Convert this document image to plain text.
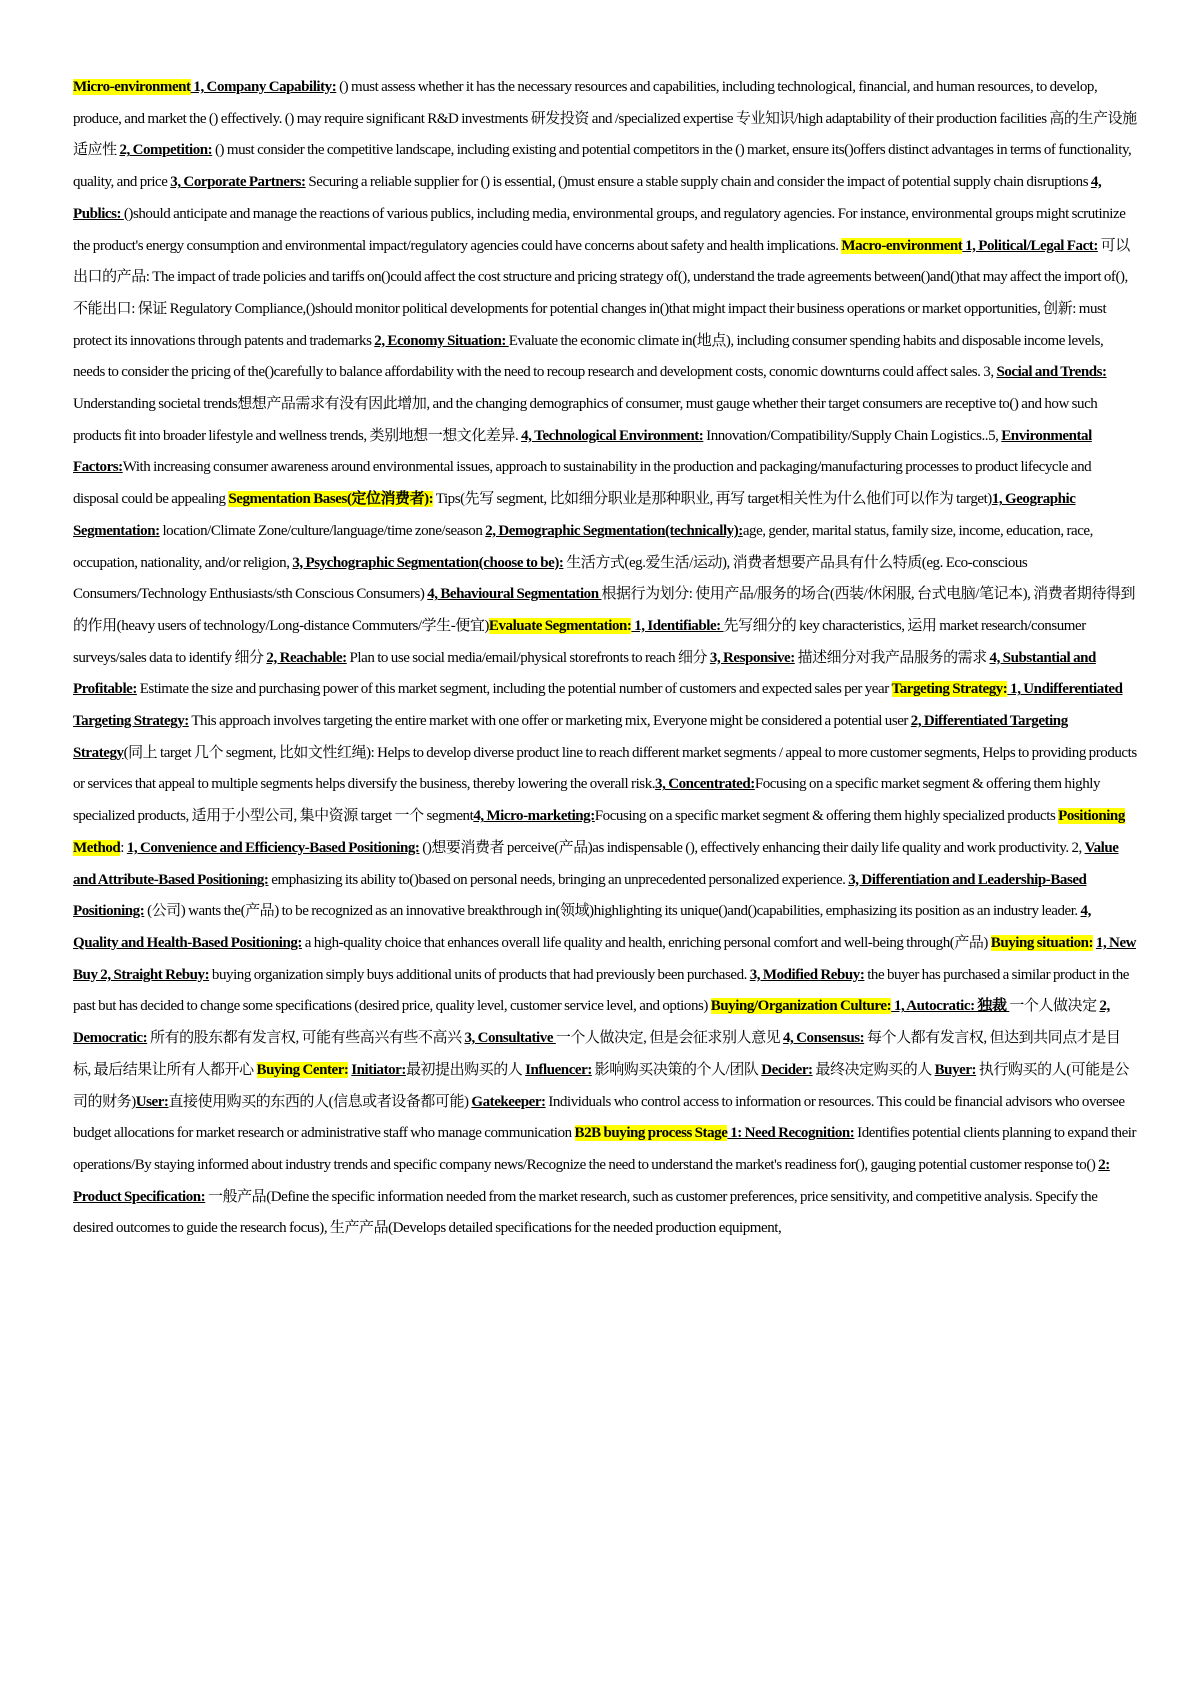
Micro-environment 1, Company Capability: () must assess whether it has the necessary resources and capabilities, including technological, financial, and human resources, to develop, produce, and market the () effectively. () may require significant R&D investments 研发投资 and /specialized expertise 专业知识/high adaptability of their production facilities 高的生产设施适应性 2, Competition: () must consider the competitive landscape, including existing and potential competitors in the () market, ensure its()offers distinct advantages in terms of functionality, quality, and price 3, Corporate Partners: Securing a reliable supplier for () is essential, ()must ensure a stable supply chain and consider the impact of potential supply chain disruptions 4, Publics: ()should anticipate and manage the reactions of various publics, including media, environmental groups, and regulatory agencies. For instance, environmental groups might scrutinize the product's energy consumption and environmental impact/regulatory agencies could have concerns about safety and health implications. Macro-environment 1, Political/Legal Fact: 可以出口的产品: The impact of trade policies and tariffs on()could affect the cost structure and pricing strategy of(), understand the trade agreements between()and()that may affect the import of(), 不能出口: 保证 Regulatory Compliance,()should monitor political developments for potential changes in()that might impact their business operations or market opportunities, 创新: must protect its innovations through patents and trademarks 2, Economy Situation: Evaluate the economic climate in(地点), including consumer spending habits and disposable income levels, needs to consider the pricing of the()carefully to balance affordability with the need to recoup research and development costs, conomic downturns could affect sales. 3, Social and Trends: Understanding societal trends想想产品需求有没有因此增加, and the changing demographics of consumer, must gauge whether their target consumers are receptive to() and how such products fit into broader lifestyle and wellness trends, 类别地想一想文化差异. 4, Technological Environment: Innovation/Compatibility/Supply Chain Logistics..5, Environmental Factors:With increasing consumer awareness around environmental issues, approach to sustainability in the production and packaging/manufacturing processes to product lifecycle and disposal could be appealing Segmentation Bases(定位消费者): Tips(先写 segment, 比如细分职业是那种职业, 再写 target相关性为什么他们可以作为 target)1, Geographic Segmentation: location/Climate Zone/culture/language/time zone/season 2, Demographic Segmentation(technically):age, gender, marital status, family size, income, education, race, occupation, nationality, and/or religion, 3, Psychographic Segmentation(choose to be): 生活方式(eg.爱生活/运动), 消费者想要产品具有什么特质(eg. Eco-conscious Consumers/Technology Enthusiasts/sth Conscious Consumers) 4, Behavioural Segmentation 根据行为划分: 使用产品/服务的场合(西装/休闲服, 台式电脑/笔记本), 消费者期待得到的作用(heavy users of technology/Long-distance Commuters/学生-便宜)Evaluate Segmentation: 1, Identifiable: 先写细分的 key characteristics, 运用 market research/consumer surveys/sales data to identify 细分 2, Reachable: Plan to use social media/email/physical storefronts to reach 细分 3, Responsive: 描述细分对我产品服务的需求 4, Substantial and Profitable: Estimate the size and purchasing power of this market segment, including the potential number of customers and expected sales per year Targeting Strategy: 1, Undifferentiated Targeting Strategy: This approach involves targeting the entire market with one offer or marketing mix, Everyone might be considered a potential user 2, Differentiated Targeting Strategy(同上 target 几个 segment, 比如文性红绳): Helps to develop diverse product line to reach different market segments / appeal to more customer segments, Helps to providing products or services that appeal to multiple segments helps diversify the business, thereby lowering the overall risk.3, Concentrated:Focusing on a specific market segment & offering them highly specialized products, 适用于小型公司, 集中资源 target 一个 segment4, Micro-marketing:Focusing on a specific market segment & offering them highly specialized products Positioning Method: 1, Convenience and Efficiency-Based Positioning: ()想要消费者 perceive(产品)as indispensable (), effectively enhancing their daily life quality and work productivity. 2, Value and Attribute-Based Positioning: emphasizing its ability to()based on personal needs, bringing an unprecedented personalized experience. 3, Differentiation and Leadership-Based Positioning: (公司) wants the(产品) to be recognized as an innovative breakthrough in(领域)highlighting its unique()and()capabilities, emphasizing its position as an industry leader. 4, Quality and Health-Based Positioning: a high-quality choice that enhances overall life quality and health, enriching personal comfort and well-being through(产品) Buying situation: 1, New Buy 2, Straight Rebuy: buying organization simply buys additional units of products that had previously been purchased. 3, Modified Rebuy: the buyer has purchased a similar product in the past but has decided to change some specifications (desired price, quality level, customer service level, and options) Buying/Organization Culture: 1, Autocratic: 独裁 一个人做决定 2, Democratic: 所有的股东都有发言权, 可能有些高兴有些不高兴 3, Consultative 一个人做决定, 但是会征求别人意见 4, Consensus: 每个人都有发言权, 但达到共同点才是目标, 最后结果让所有人都开心 Buying Center: Initiator:最初提出购买的人 Influencer: 影响购买决策的个人/团队 Decider: 最终决定购买的人 Buyer: 执行购买的人(可能是公司的财务)User:直接使用购买的东西的人(信息或者设备都可能) Gatekeeper: Individuals who control access to information or resources. This could be financial advisors who oversee budget allocations for market research or administrative staff who manage communication B2B buying process Stage 1: Need Recognition: Identifies potential clients planning to expand their operations/By staying informed about industry trends and specific company news/Recognize the need to understand the market's readiness for(), gauging potential customer response to() 2: Product Specification: 一般产品(Define the specific information needed from the market research, such as customer preferences, price sensitivity, and competitive analysis. Specify the desired outcomes to guide the research focus), 生产产品(Develops detailed specifications for the needed production equipment,
